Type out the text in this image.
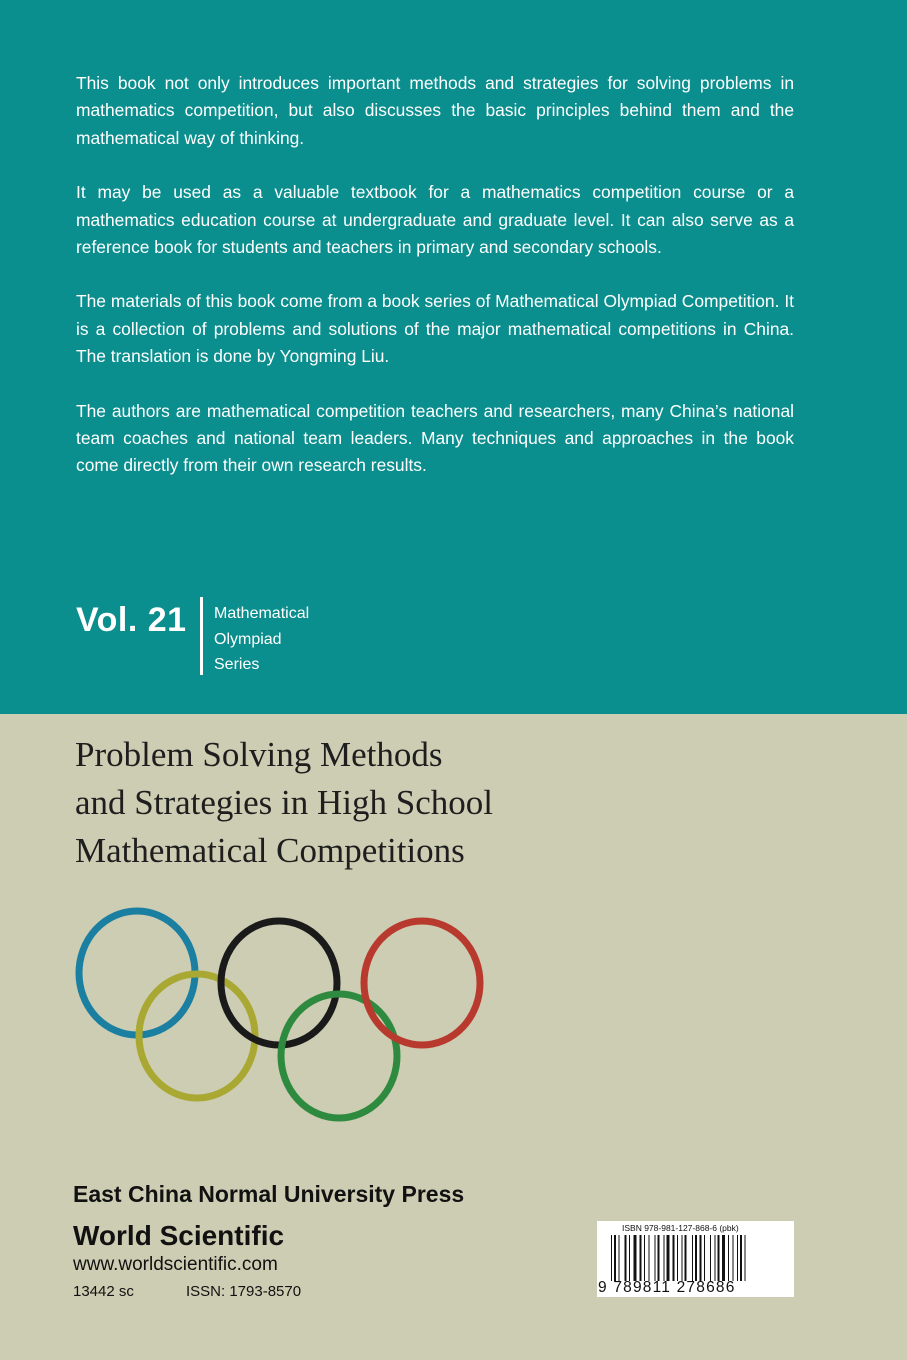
This book not only introduces important methods and strategies for solving problems in mathematics competition, but also discusses the basic principles behind them and the mathematical way of thinking.

It may be used as a valuable textbook for a mathematics competition course or a mathematics education course at undergraduate and graduate level. It can also serve as a reference book for students and teachers in primary and secondary schools.

The materials of this book come from a book series of Mathematical Olympiad Competition. It is a collection of problems and solutions of the major mathematical competitions in China. The translation is done by Yongming Liu.

The authors are mathematical competition teachers and researchers, many China’s national team coaches and national team leaders. Many techniques and approaches in the book come directly from their own research results.

Vol. 21 Mathematical
Olympiad
Series
Problem Solving Methods
and Strategies in High School
Mathematical Competitions
East China Normal University Press
World Scientific
www.worldscientific.com
13442 sc	ISSN: 1793-8570
ISBN 978-981-127-868-6 (pbk)
9 789811 278686
